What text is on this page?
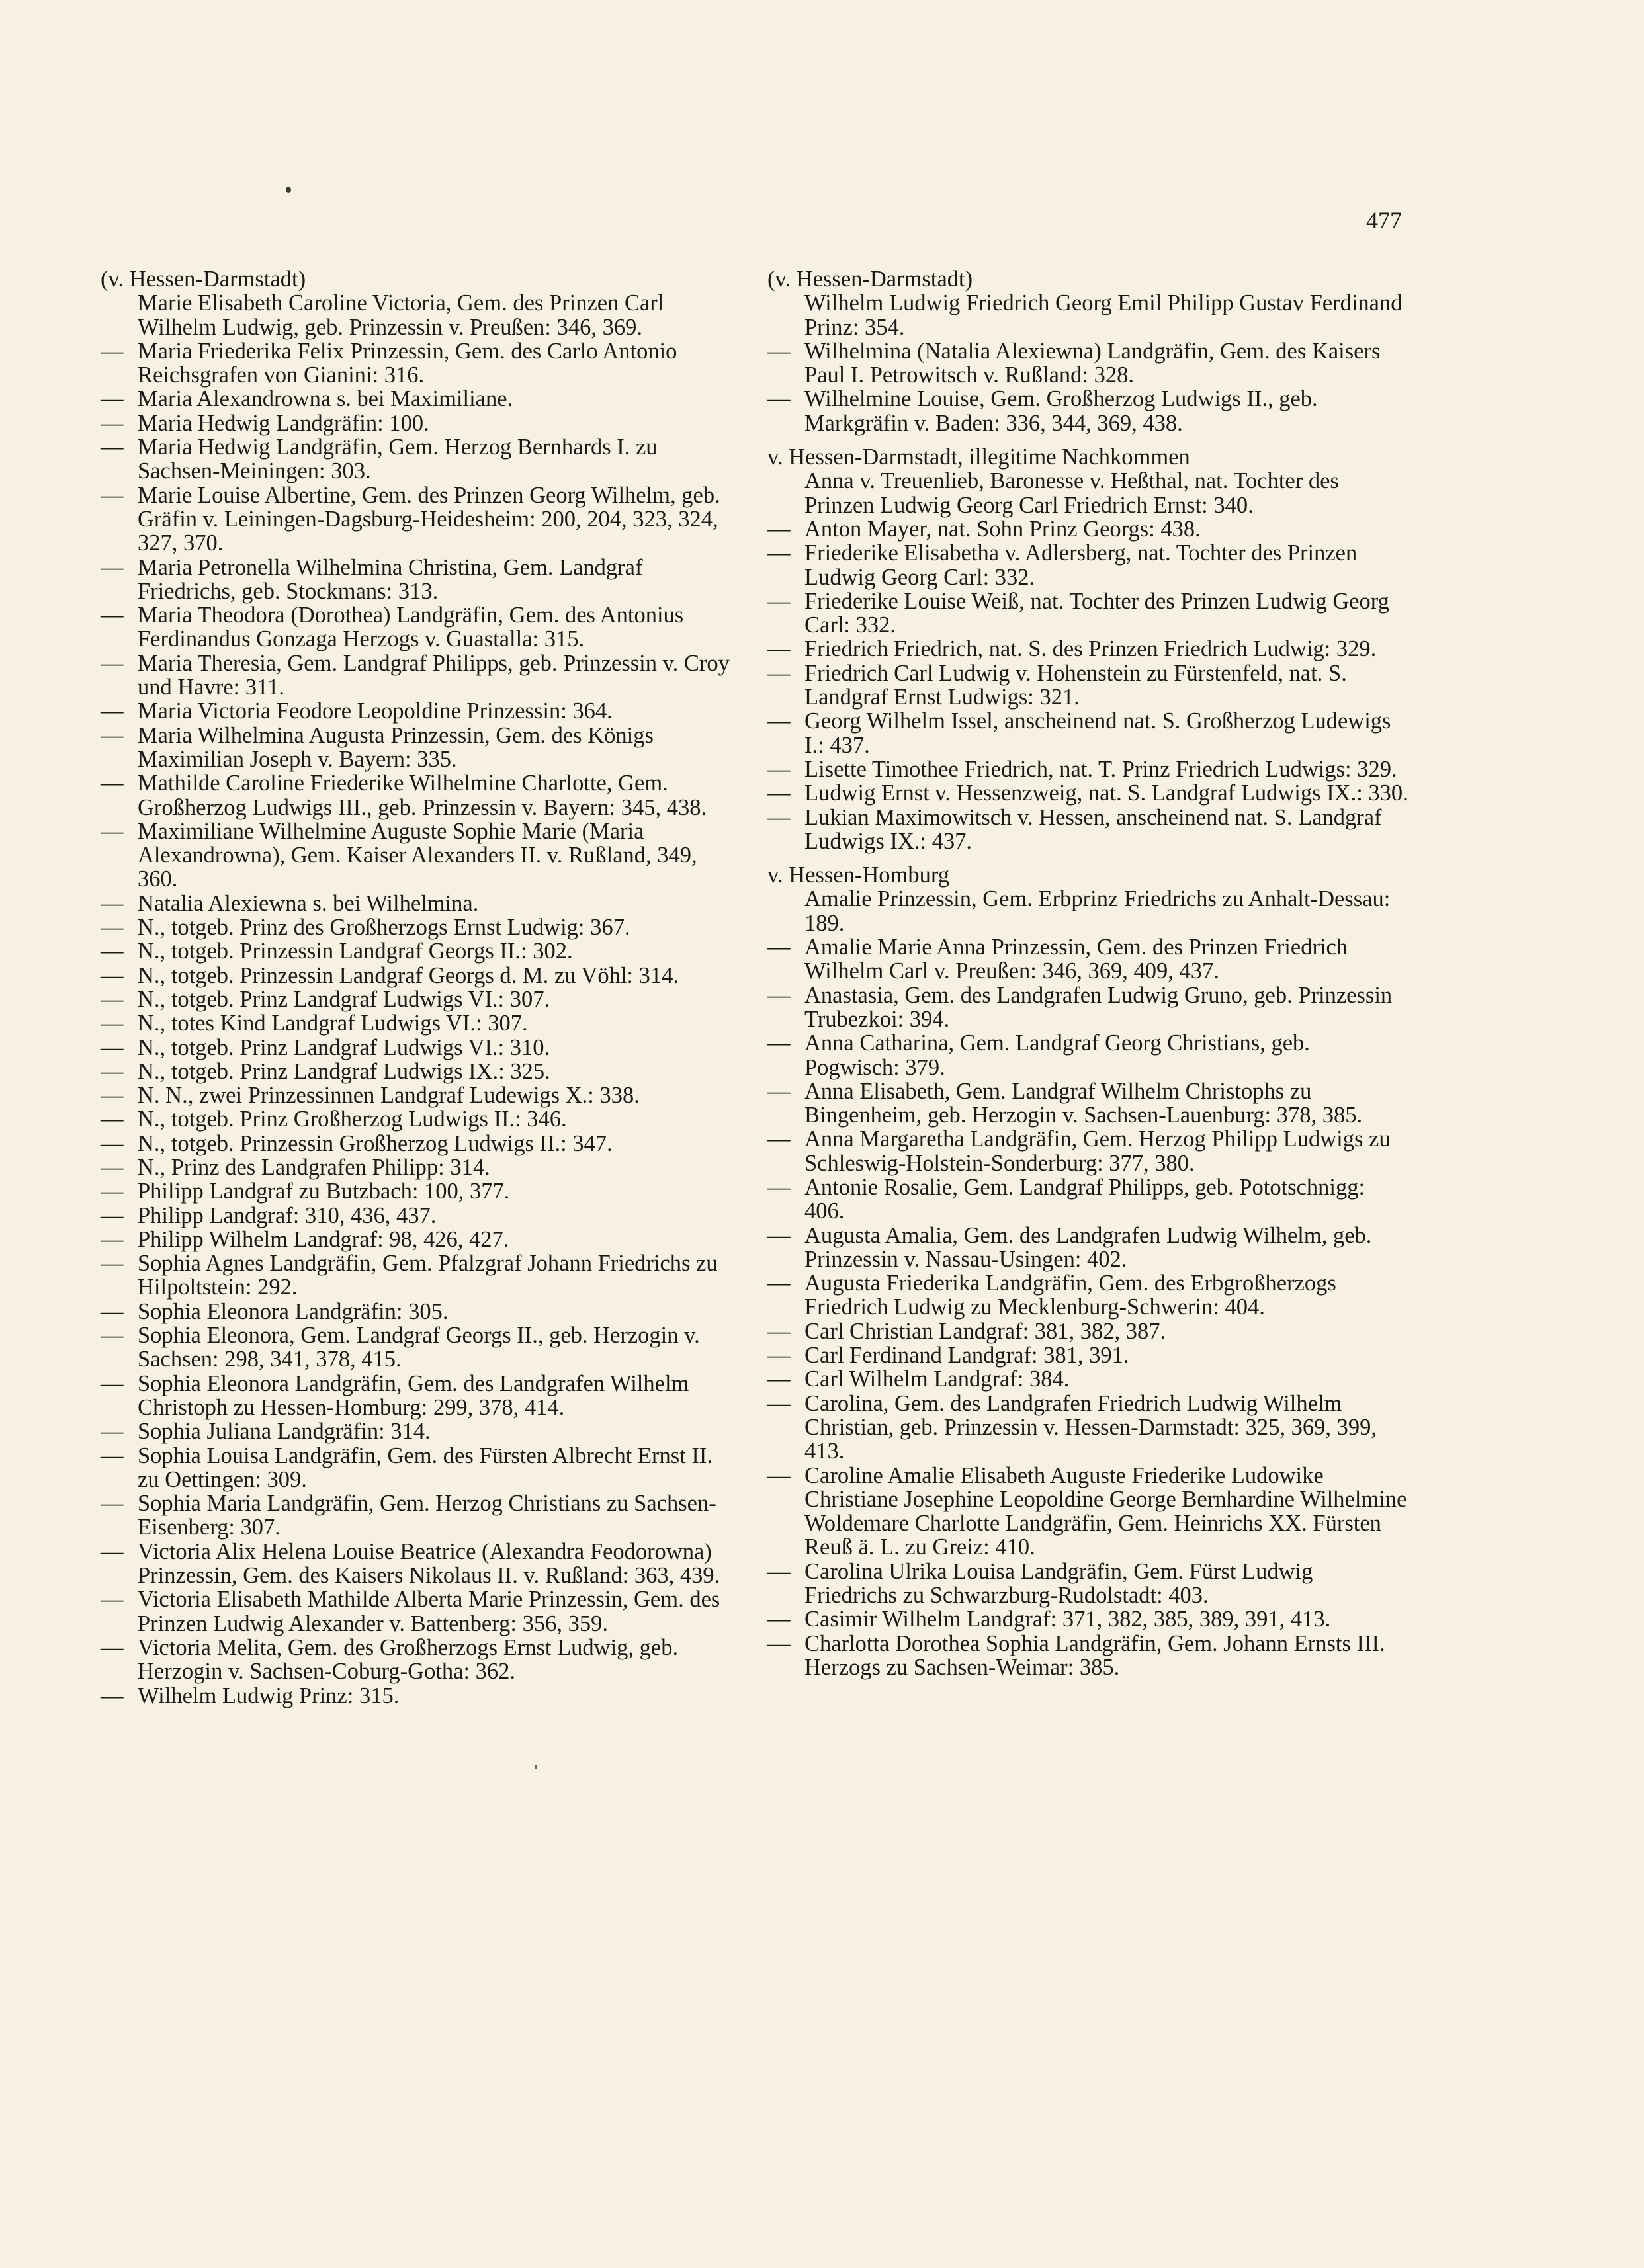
477
(v. Hessen-Darmstadt)
Marie Elisabeth Caroline Victoria, Gem. des Prinzen Carl Wilhelm Ludwig, geb. Prinzessin v. Preußen: 346, 369.
— Maria Friederika Felix Prinzessin, Gem. des Carlo Antonio Reichsgrafen von Gianini: 316.
— Maria Alexandrowna s. bei Maximiliane.
— Maria Hedwig Landgräfin: 100.
— Maria Hedwig Landgräfin, Gem. Herzog Bernhards I. zu Sachsen-Meiningen: 303.
— Marie Louise Albertine, Gem. des Prinzen Georg Wilhelm, geb. Gräfin v. Leiningen-Dagsburg-Heidesheim: 200, 204, 323, 324, 327, 370.
— Maria Petronella Wilhelmina Christina, Gem. Landgraf Friedrichs, geb. Stockmans: 313.
— Maria Theodora (Dorothea) Landgräfin, Gem. des Antonius Ferdinandus Gonzaga Herzogs v. Guastalla: 315.
— Maria Theresia, Gem. Landgraf Philipps, geb. Prinzessin v. Croy und Havre: 311.
— Maria Victoria Feodore Leopoldine Prinzessin: 364.
— Maria Wilhelmina Augusta Prinzessin, Gem. des Königs Maximilian Joseph v. Bayern: 335.
— Mathilde Caroline Friederike Wilhelmine Charlotte, Gem. Großherzog Ludwigs III., geb. Prinzessin v. Bayern: 345, 438.
— Maximiliane Wilhelmine Auguste Sophie Marie (Maria Alexandrowna), Gem. Kaiser Alexanders II. v. Rußland, 349, 360.
— Natalia Alexiewna s. bei Wilhelmina.
— N., totgeb. Prinz des Großherzogs Ernst Ludwig: 367.
— N., totgeb. Prinzessin Landgraf Georgs II.: 302.
— N., totgeb. Prinzessin Landgraf Georgs d. M. zu Vöhl: 314.
— N., totgeb. Prinz Landgraf Ludwigs VI.: 307.
— N., totes Kind Landgraf Ludwigs VI.: 307.
— N., totgeb. Prinz Landgraf Ludwigs VI.: 310.
— N., totgeb. Prinz Landgraf Ludwigs IX.: 325.
— N. N., zwei Prinzessinnen Landgraf Ludewigs X.: 338.
— N., totgeb. Prinz Großherzog Ludwigs II.: 346.
— N., totgeb. Prinzessin Großherzog Ludwigs II.: 347.
— N., Prinz des Landgrafen Philipp: 314.
— Philipp Landgraf zu Butzbach: 100, 377.
— Philipp Landgraf: 310, 436, 437.
— Philipp Wilhelm Landgraf: 98, 426, 427.
— Sophia Agnes Landgräfin, Gem. Pfalzgraf Johann Friedrichs zu Hilpoltstein: 292.
— Sophia Eleonora Landgräfin: 305.
— Sophia Eleonora, Gem. Landgraf Georgs II., geb. Herzogin v. Sachsen: 298, 341, 378, 415.
— Sophia Eleonora Landgräfin, Gem. des Landgrafen Wilhelm Christoph zu Hessen-Homburg: 299, 378, 414.
— Sophia Juliana Landgräfin: 314.
— Sophia Louisa Landgräfin, Gem. des Fürsten Albrecht Ernst II. zu Oettingen: 309.
— Sophia Maria Landgräfin, Gem. Herzog Christians zu Sachsen-Eisenberg: 307.
— Victoria Alix Helena Louise Beatrice (Alexandra Feodorowna) Prinzessin, Gem. des Kaisers Nikolaus II. v. Rußland: 363, 439.
— Victoria Elisabeth Mathilde Alberta Marie Prinzessin, Gem. des Prinzen Ludwig Alexander v. Battenberg: 356, 359.
— Victoria Melita, Gem. des Großherzogs Ernst Ludwig, geb. Herzogin v. Sachsen-Coburg-Gotha: 362.
— Wilhelm Ludwig Prinz: 315.
(v. Hessen-Darmstadt)
Wilhelm Ludwig Friedrich Georg Emil Philipp Gustav Ferdinand Prinz: 354.
— Wilhelmina (Natalia Alexiewna) Landgräfin, Gem. des Kaisers Paul I. Petrowitsch v. Rußland: 328.
— Wilhelmine Louise, Gem. Großherzog Ludwigs II., geb. Markgräfin v. Baden: 336, 344, 369, 438.
v. Hessen-Darmstadt, illegitime Nachkommen
Anna v. Treuenlieb, Baronesse v. Heßthal, nat. Tochter des Prinzen Ludwig Georg Carl Friedrich Ernst: 340.
— Anton Mayer, nat. Sohn Prinz Georgs: 438.
— Friederike Elisabetha v. Adlersberg, nat. Tochter des Prinzen Ludwig Georg Carl: 332.
— Friederike Louise Weiß, nat. Tochter des Prinzen Ludwig Georg Carl: 332.
— Friedrich Friedrich, nat. S. des Prinzen Friedrich Ludwig: 329.
— Friedrich Carl Ludwig v. Hohenstein zu Fürstenfeld, nat. S. Landgraf Ernst Ludwigs: 321.
— Georg Wilhelm Issel, anscheinend nat. S. Großherzog Ludewigs I.: 437.
— Lisette Timothee Friedrich, nat. T. Prinz Friedrich Ludwigs: 329.
— Ludwig Ernst v. Hessenzweig, nat. S. Landgraf Ludwigs IX.: 330.
— Lukian Maximowitsch v. Hessen, anscheinend nat. S. Landgraf Ludwigs IX.: 437.
v. Hessen-Homburg
Amalie Prinzessin, Gem. Erbprinz Friedrichs zu Anhalt-Dessau: 189.
— Amalie Marie Anna Prinzessin, Gem. des Prinzen Friedrich Wilhelm Carl v. Preußen: 346, 369, 409, 437.
— Anastasia, Gem. des Landgrafen Ludwig Gruno, geb. Prinzessin Trubezkoi: 394.
— Anna Catharina, Gem. Landgraf Georg Christians, geb. Pogwisch: 379.
— Anna Elisabeth, Gem. Landgraf Wilhelm Christophs zu Bingenheim, geb. Herzogin v. Sachsen-Lauenburg: 378, 385.
— Anna Margaretha Landgräfin, Gem. Herzog Philipp Ludwigs zu Schleswig-Holstein-Sonderburg: 377, 380.
— Antonie Rosalie, Gem. Landgraf Philipps, geb. Pototschnigg: 406.
— Augusta Amalia, Gem. des Landgrafen Ludwig Wilhelm, geb. Prinzessin v. Nassau-Usingen: 402.
— Augusta Friederika Landgräfin, Gem. des Erbgroßherzogs Friedrich Ludwig zu Mecklenburg-Schwerin: 404.
— Carl Christian Landgraf: 381, 382, 387.
— Carl Ferdinand Landgraf: 381, 391.
— Carl Wilhelm Landgraf: 384.
— Carolina, Gem. des Landgrafen Friedrich Ludwig Wilhelm Christian, geb. Prinzessin v. Hessen-Darmstadt: 325, 369, 399, 413.
— Caroline Amalie Elisabeth Auguste Friederike Ludowike Christiane Josephine Leopoldine George Bernhardine Wilhelmine Woldemare Charlotte Landgräfin, Gem. Heinrichs XX. Fürsten Reuß ä. L. zu Greiz: 410.
— Carolina Ulrika Louisa Landgräfin, Gem. Fürst Ludwig Friedrichs zu Schwarzburg-Rudolstadt: 403.
— Casimir Wilhelm Landgraf: 371, 382, 385, 389, 391, 413.
— Charlotta Dorothea Sophia Landgräfin, Gem. Johann Ernsts III. Herzogs zu Sachsen-Weimar: 385.
